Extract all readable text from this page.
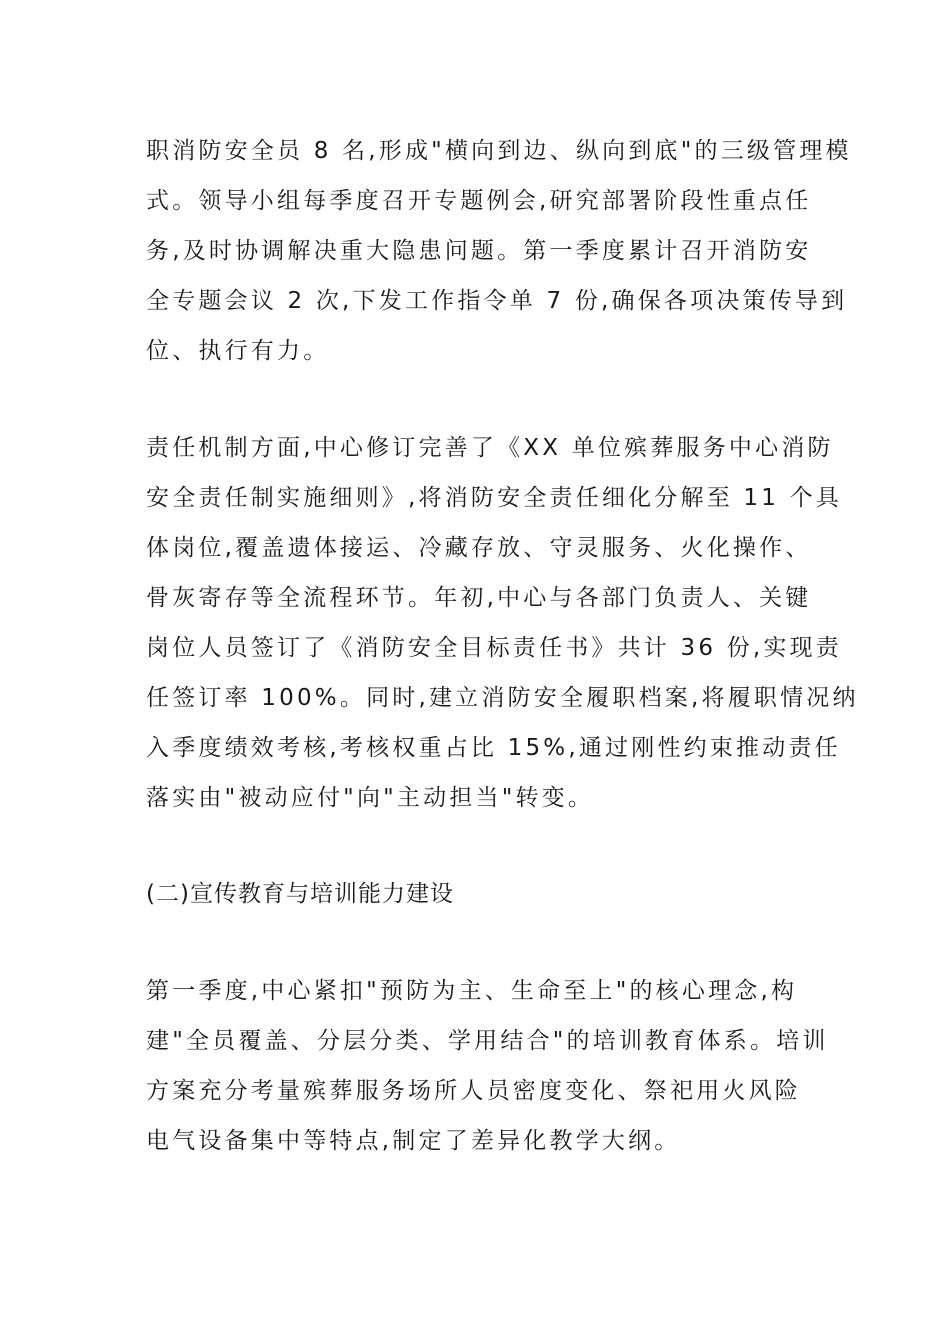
职消防安全员 8 名,形成"横向到边、纵向到底"的三级管理模
式。领导小组每季度召开专题例会,研究部署阶段性重点任
务,及时协调解决重大隐患问题。第一季度累计召开消防安
全专题会议 2 次,下发工作指令单 7 份,确保各项决策传导到
位、执行有力。
责任机制方面,中心修订完善了《XX 单位殡葬服务中心消防
安全责任制实施细则》,将消防安全责任细化分解至 11 个具
体岗位,覆盖遗体接运、冷藏存放、守灵服务、火化操作、
骨灰寄存等全流程环节。年初,中心与各部门负责人、关键
岗位人员签订了《消防安全目标责任书》共计 36 份,实现责
任签订率 100%。同时,建立消防安全履职档案,将履职情况纳
入季度绩效考核,考核权重占比 15%,通过刚性约束推动责任
落实由"被动应付"向"主动担当"转变。
(二)宣传教育与培训能力建设
第一季度,中心紧扣"预防为主、生命至上"的核心理念,构
建"全员覆盖、分层分类、学用结合"的培训教育体系。培训
方案充分考量殡葬服务场所人员密度变化、祭祀用火风险
电气设备集中等特点,制定了差异化教学大纲。
